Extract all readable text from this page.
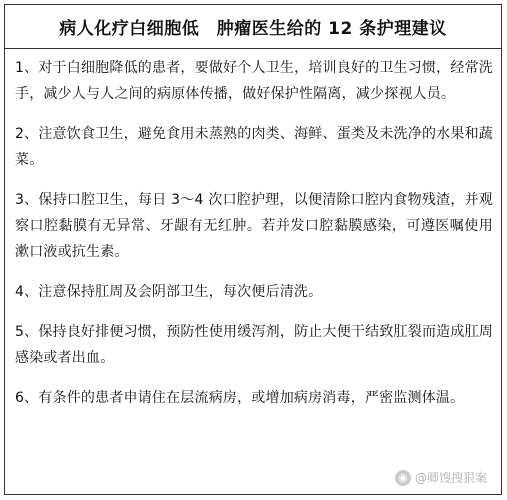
病人化疗白细胞低　肿瘤医生给的 12 条护理建议

1、对于白细胞降低的患者，要做好个人卫生，培训良好的卫生习惯，经常洗手，减少人与人之间的病原体传播，做好保护性隔离，减少探视人员。

2、注意饮食卫生，避免食用未蒸熟的肉类、海鲜、蛋类及未洗净的水果和蔬菜。

3、保持口腔卫生，每日 3～4 次口腔护理，以便清除口腔内食物残渣，并观察口腔黏膜有无异常、牙龈有无红肿。若并发口腔黏膜感染，可遵医嘱使用漱口液或抗生素。

4、注意保持肛周及会阴部卫生，每次便后清洗。

5、保持良好排便习惯，预防性使用缓泻剂，防止大便干结致肛裂而造成肛周感染或者出血。

6、有条件的患者申请住在层流病房，或增加病房消毒，严密监测体温。

◉ @卿馊搜狠案
